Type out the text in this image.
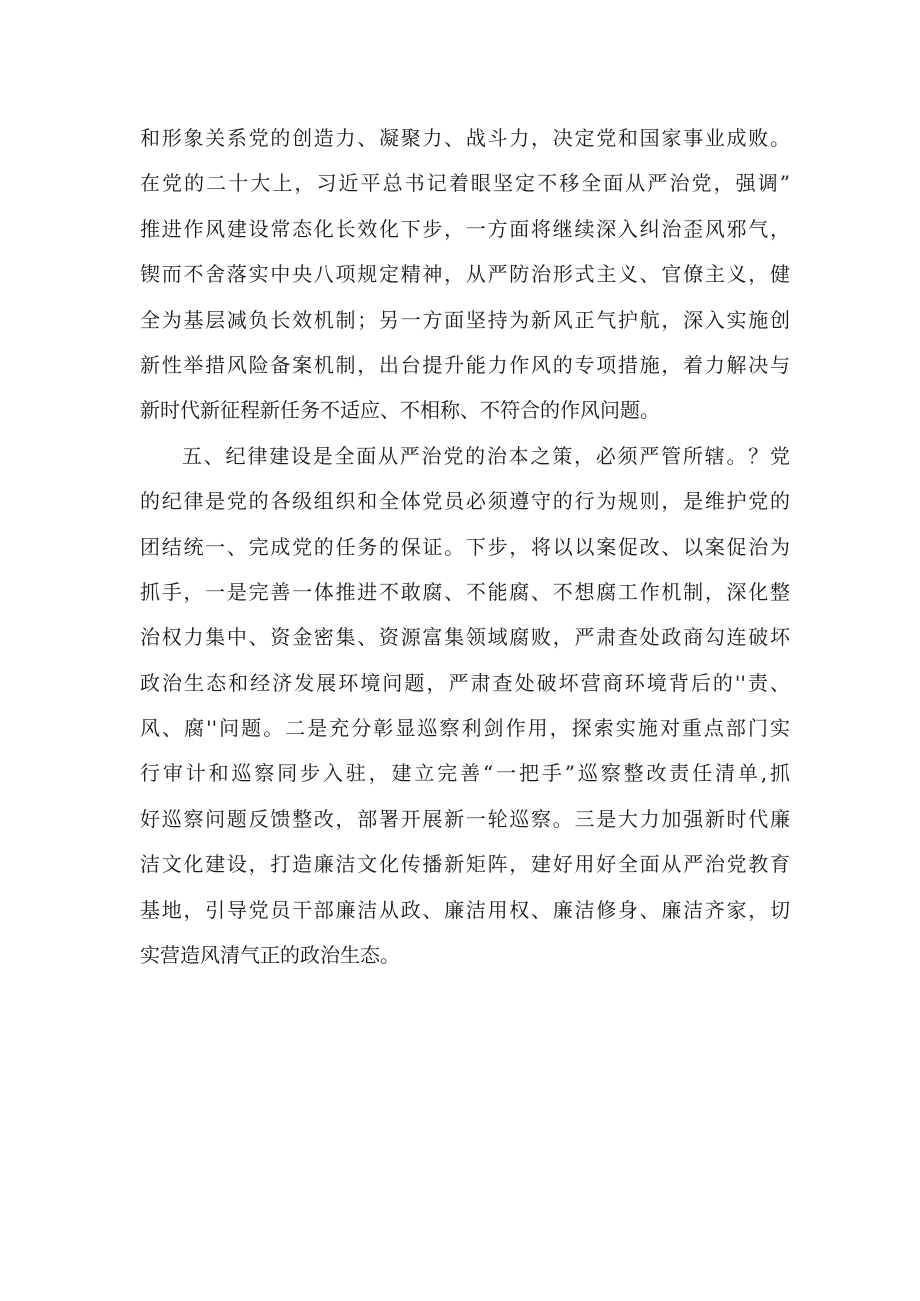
和形象关系党的创造力、凝聚力、战斗力，决定党和国家事业成败。
在党的二十大上，习近平总书记着眼坚定不移全面从严治党，强调”
推进作风建设常态化长效化下步，一方面将继续深入纠治歪风邪气，
锲而不舍落实中央八项规定精神，从严防治形式主义、官僚主义，健
全为基层减负长效机制；另一方面坚持为新风正气护航，深入实施创
新性举措风险备案机制，出台提升能力作风的专项措施，着力解决与
新时代新征程新任务不适应、不相称、不符合的作风问题。
五、纪律建设是全面从严治党的治本之策，必须严管所辖。？党
的纪律是党的各级组织和全体党员必须遵守的行为规则，是维护党的
团结统一、完成党的任务的保证。下步，将以以案促改、以案促治为
抓手，一是完善一体推进不敢腐、不能腐、不想腐工作机制，深化整
治权力集中、资金密集、资源富集领域腐败，严肃查处政商勾连破坏
政治生态和经济发展环境问题，严肃查处破坏营商环境背后的''责、
风、腐''问题。二是充分彰显巡察利剑作用，探索实施对重点部门实
行审计和巡察同步入驻，建立完善“一把手”巡察整改责任清单,抓
好巡察问题反馈整改，部署开展新一轮巡察。三是大力加强新时代廉
洁文化建设，打造廉洁文化传播新矩阵，建好用好全面从严治党教育
基地，引导党员干部廉洁从政、廉洁用权、廉洁修身、廉洁齐家，切
实营造风清气正的政治生态。
